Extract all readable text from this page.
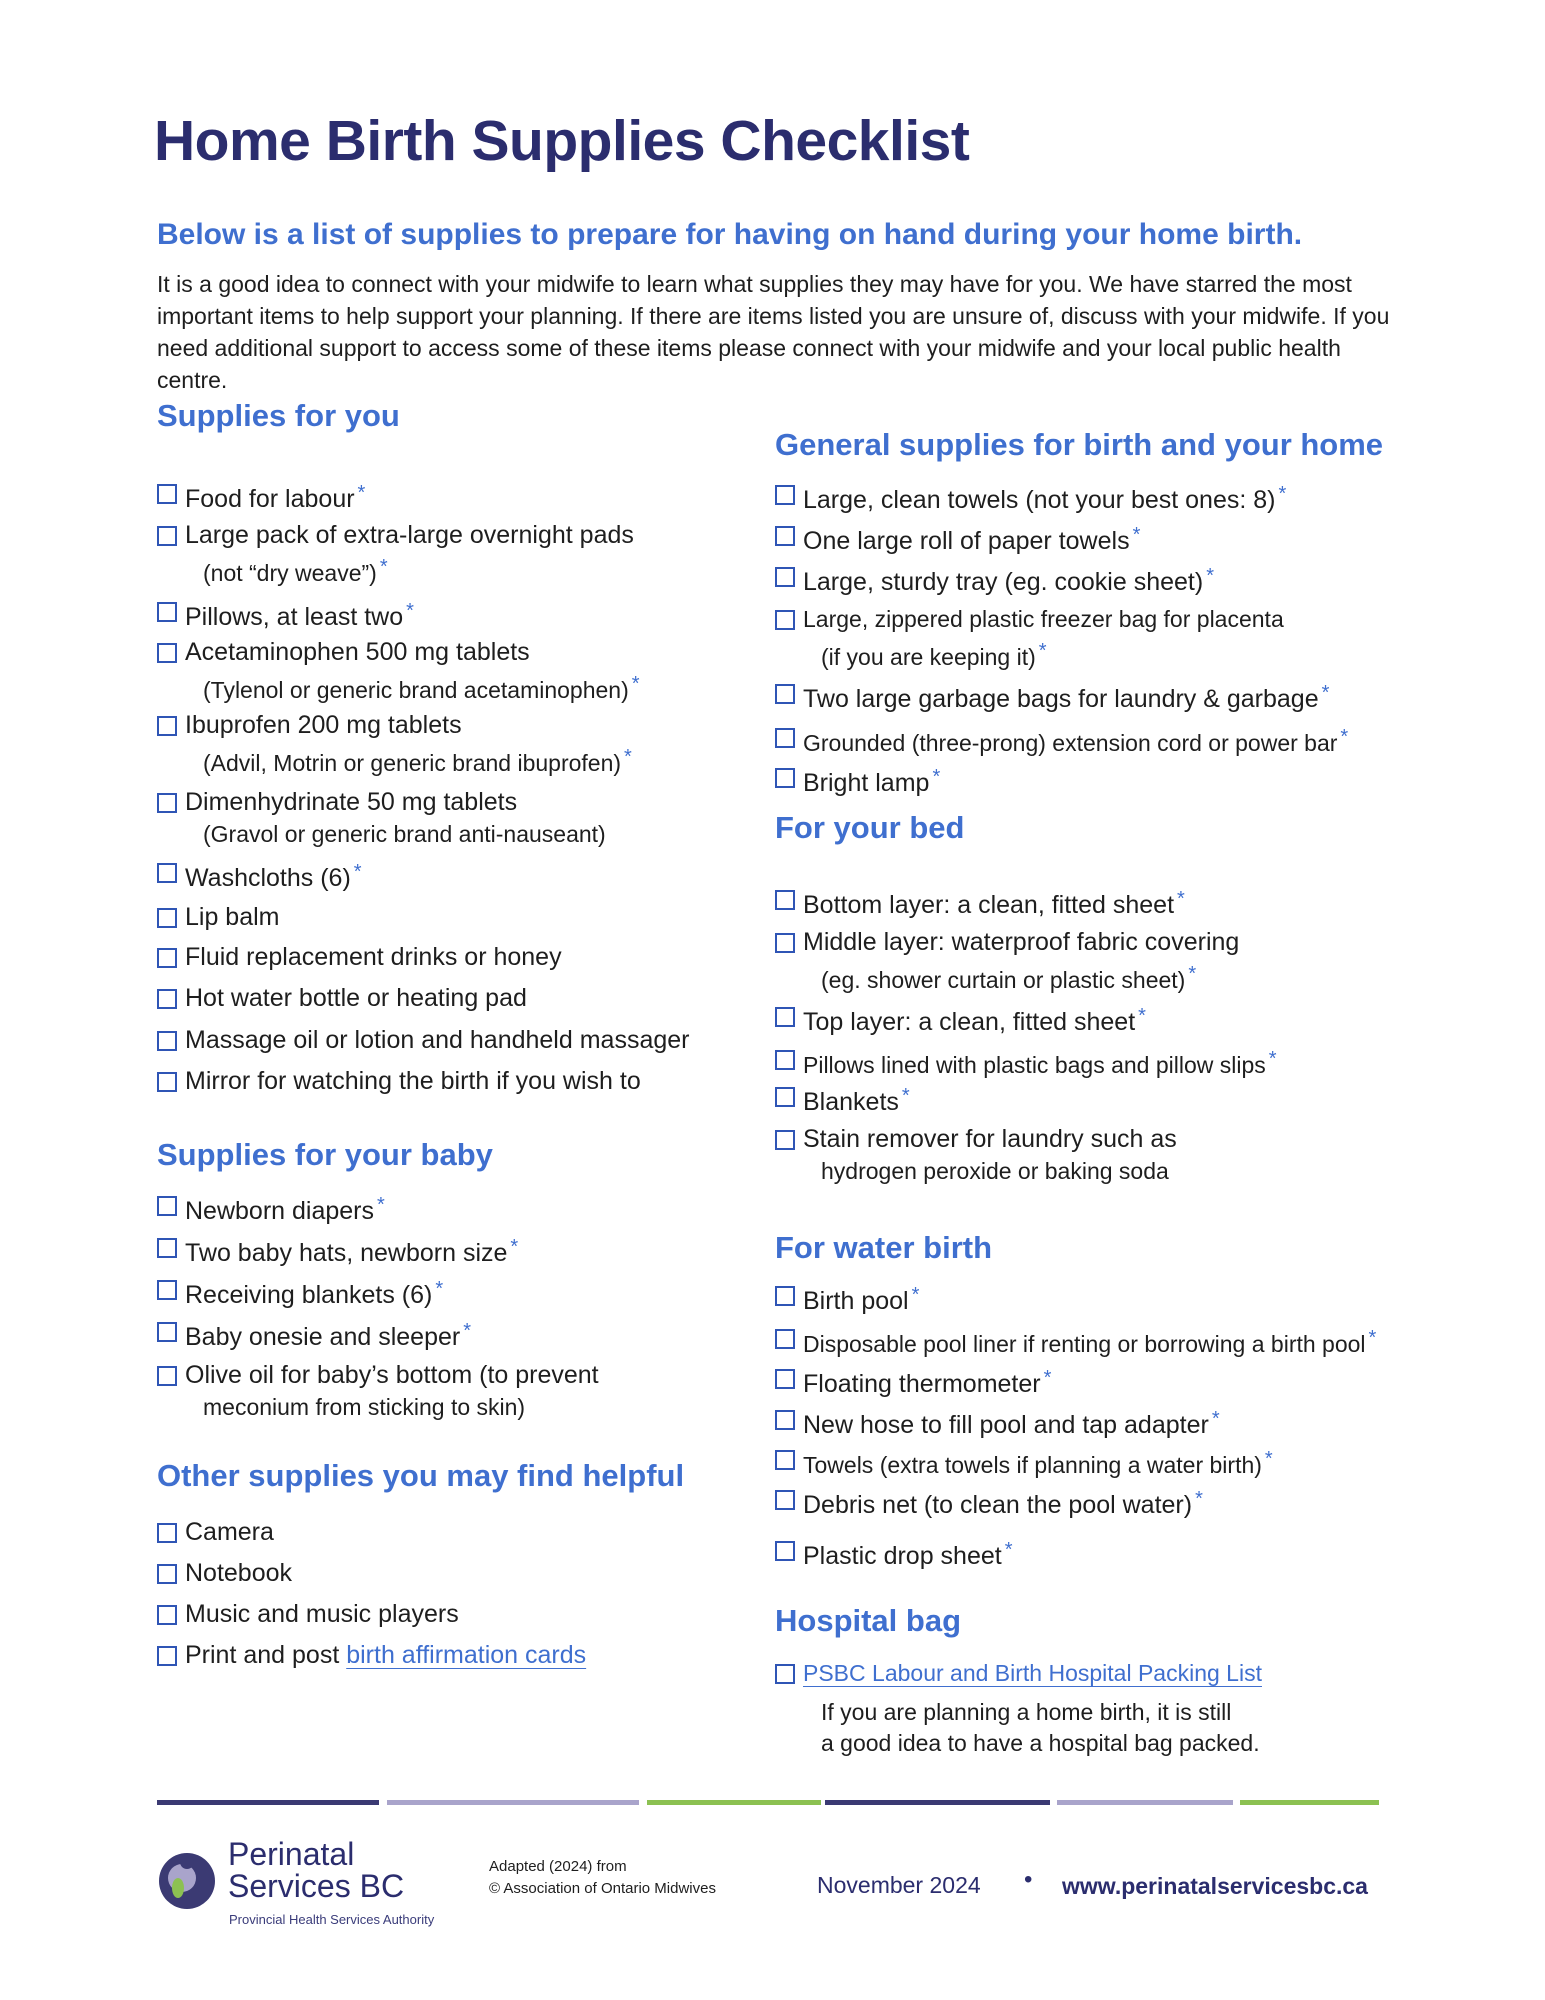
Home Birth Supplies Checklist
Below is a list of supplies to prepare for having on hand during your home birth.

It is a good idea to connect with your midwife to learn what supplies they may have for you. We have starred the most important items to help support your planning. If there are items listed you are unsure of, discuss with your midwife. If you need additional support to access some of these items please connect with your midwife and your local public health centre.

Supplies for you
Food for labour *
Large pack of extra-large overnight pads
(not “dry weave”) *
Pillows, at least two *
Acetaminophen 500 mg tablets
(Tylenol or generic brand acetaminophen) *
Ibuprofen 200 mg tablets
(Advil, Motrin or generic brand ibuprofen) *
Dimenhydrinate 50 mg tablets
(Gravol or generic brand anti-nauseant)
Washcloths (6) *
Lip balm
Fluid replacement drinks or honey
Hot water bottle or heating pad
Massage oil or lotion and handheld massager
Mirror for watching the birth if you wish to
Supplies for your baby
Newborn diapers *
Two baby hats, newborn size *
Receiving blankets (6) *
Baby onesie and sleeper *
Olive oil for baby’s bottom (to prevent
meconium from sticking to skin)
Other supplies you may find helpful
Camera
Notebook
Music and music players
Print and post birth affirmation cards
General supplies for birth and your home
Large, clean towels (not your best ones: 8) *
One large roll of paper towels *
Large, sturdy tray (eg. cookie sheet) *
Large, zippered plastic freezer bag for placenta
(if you are keeping it) *
Two large garbage bags for laundry & garbage *
Grounded (three-prong) extension cord or power bar *
Bright lamp *
For your bed
Bottom layer: a clean, fitted sheet *
Middle layer: waterproof fabric covering
(eg. shower curtain or plastic sheet) *
Top layer: a clean, fitted sheet *
Pillows lined with plastic bags and pillow slips *
Blankets *
Stain remover for laundry such as
hydrogen peroxide or baking soda
For water birth
Birth pool *
Disposable pool liner if renting or borrowing a birth pool *
Floating thermometer *
New hose to fill pool and tap adapter *
Towels (extra towels if planning a water birth) *
Debris net (to clean the pool water) *
Plastic drop sheet *
Hospital bag
PSBC Labour and Birth Hospital Packing List
If you are planning a home birth, it is still
a good idea to have a hospital bag packed.
Perinatal
Services BC
Provincial Health Services Authority
Adapted (2024) from
© Association of Ontario Midwives	November 2024 • www.perinatalservicesbc.ca
